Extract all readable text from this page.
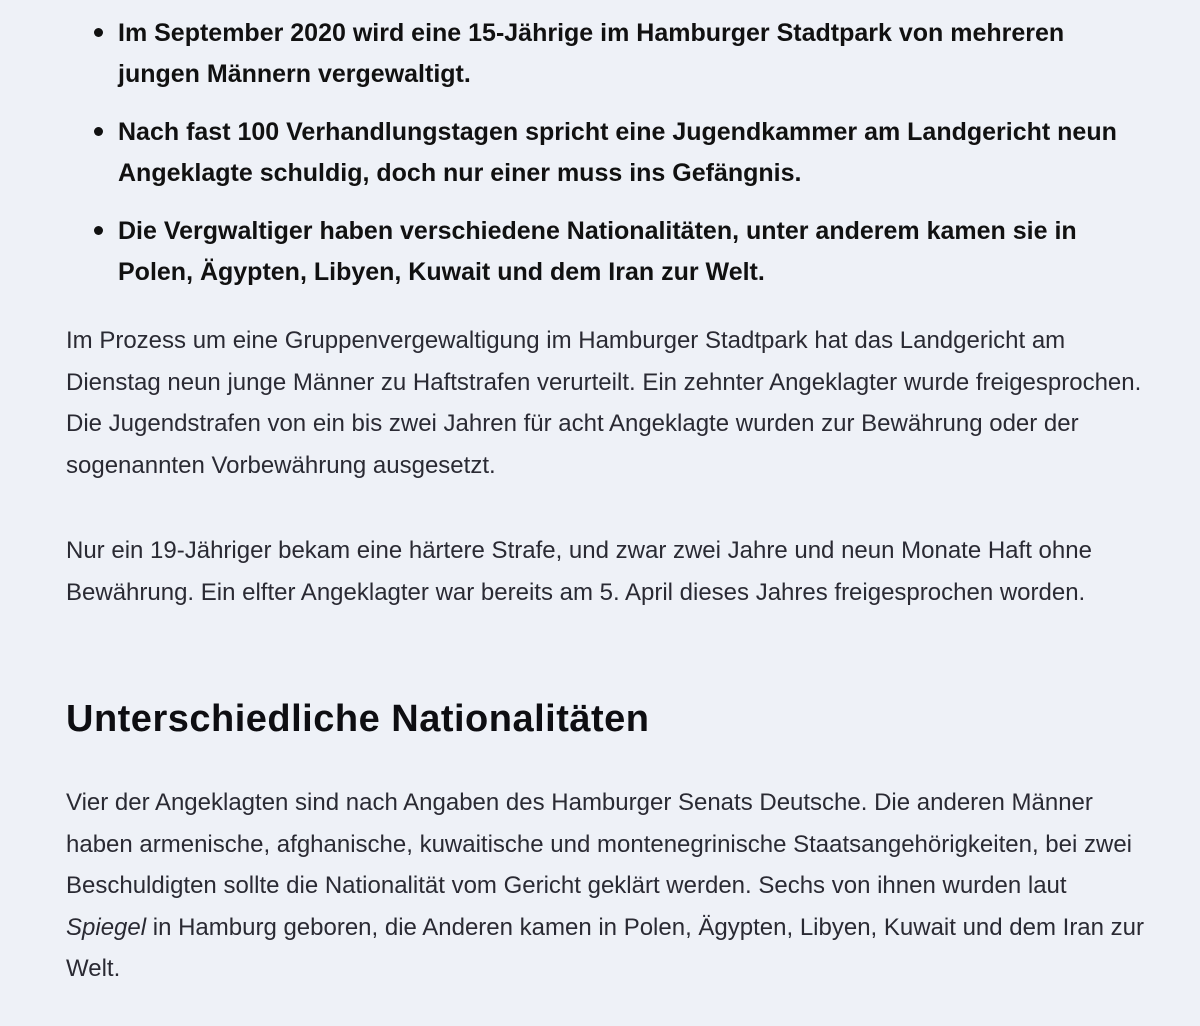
Im September 2020 wird eine 15-Jährige im Hamburger Stadtpark von mehreren jungen Männern vergewaltigt.
Nach fast 100 Verhandlungstagen spricht eine Jugendkammer am Landgericht neun Angeklagte schuldig, doch nur einer muss ins Gefängnis.
Die Vergwaltiger haben verschiedene Nationalitäten, unter anderem kamen sie in Polen, Ägypten, Libyen, Kuwait und dem Iran zur Welt.

Im Prozess um eine Gruppenvergewaltigung im Hamburger Stadtpark hat das Landgericht am Dienstag neun junge Männer zu Haftstrafen verurteilt. Ein zehnter Angeklagter wurde freigesprochen. Die Jugendstrafen von ein bis zwei Jahren für acht Angeklagte wurden zur Bewährung oder der sogenannten Vorbewährung ausgesetzt.

Nur ein 19-Jähriger bekam eine härtere Strafe, und zwar zwei Jahre und neun Monate Haft ohne Bewährung. Ein elfter Angeklagter war bereits am 5. April dieses Jahres freigesprochen worden.

Unterschiedliche Nationalitäten

Vier der Angeklagten sind nach Angaben des Hamburger Senats Deutsche. Die anderen Männer haben armenische, afghanische, kuwaitische und montenegrinische Staatsangehörigkeiten, bei zwei Beschuldigten sollte die Nationalität vom Gericht geklärt werden. Sechs von ihnen wurden laut Spiegel in Hamburg geboren, die Anderen kamen in Polen, Ägypten, Libyen, Kuwait und dem Iran zur Welt.
